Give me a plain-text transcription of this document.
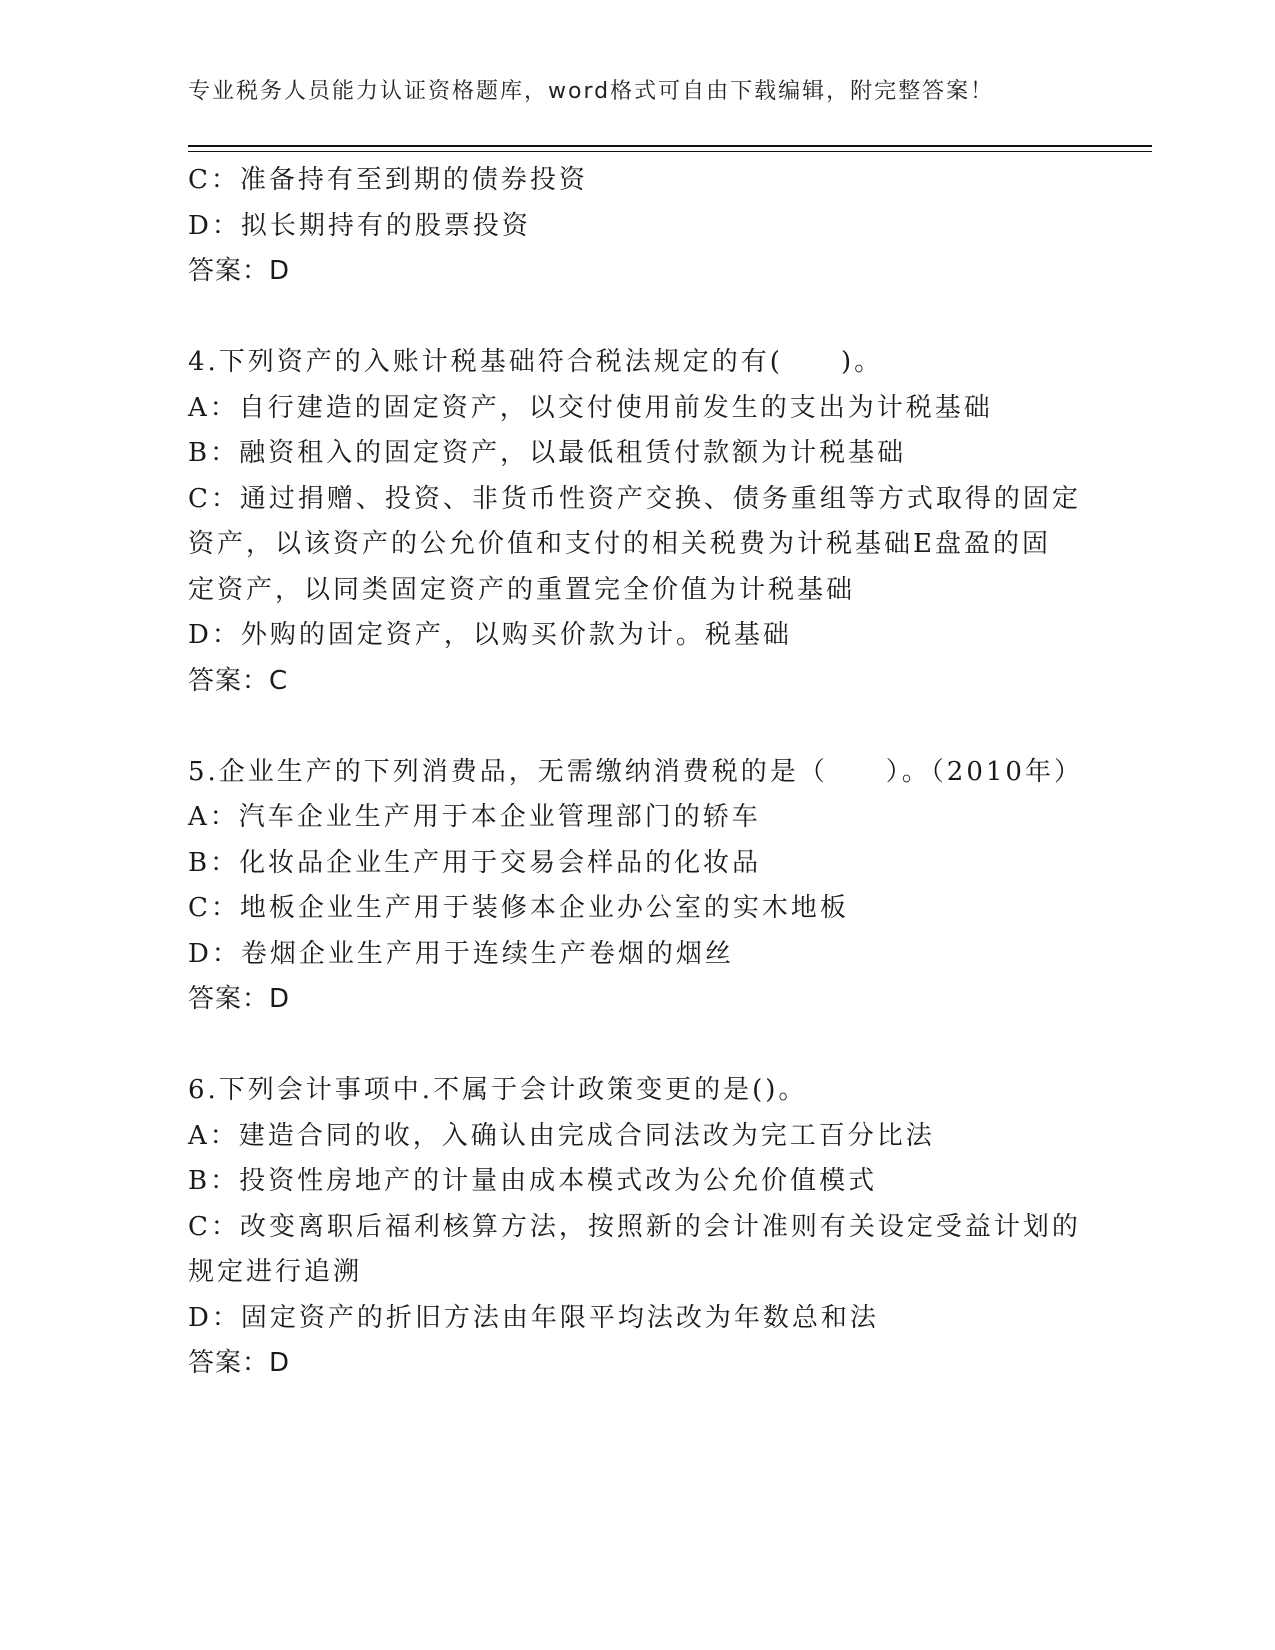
专业税务人员能力认证资格题库，word格式可自由下载编辑，附完整答案！
C：准备持有至到期的债券投资
D：拟长期持有的股票投资
答案：D
4.下列资产的入账计税基础符合税法规定的有(　　)。
A：自行建造的固定资产，以交付使用前发生的支出为计税基础
B：融资租入的固定资产，以最低租赁付款额为计税基础
C：通过捐赠、投资、非货币性资产交换、债务重组等方式取得的固定
资产，以该资产的公允价值和支付的相关税费为计税基础E盘盈的固
定资产，以同类固定资产的重置完全价值为计税基础
D：外购的固定资产，以购买价款为计。税基础
答案：C
5.企业生产的下列消费品，无需缴纳消费税的是（　　）。（2010年）
A：汽车企业生产用于本企业管理部门的轿车
B：化妆品企业生产用于交易会样品的化妆品
C：地板企业生产用于装修本企业办公室的实木地板
D：卷烟企业生产用于连续生产卷烟的烟丝
答案：D
6.下列会计事项中.不属于会计政策变更的是()。
A：建造合同的收，入确认由完成合同法改为完工百分比法
B：投资性房地产的计量由成本模式改为公允价值模式
C：改变离职后福利核算方法，按照新的会计准则有关设定受益计划的
规定进行追溯
D：固定资产的折旧方法由年限平均法改为年数总和法
答案：D
